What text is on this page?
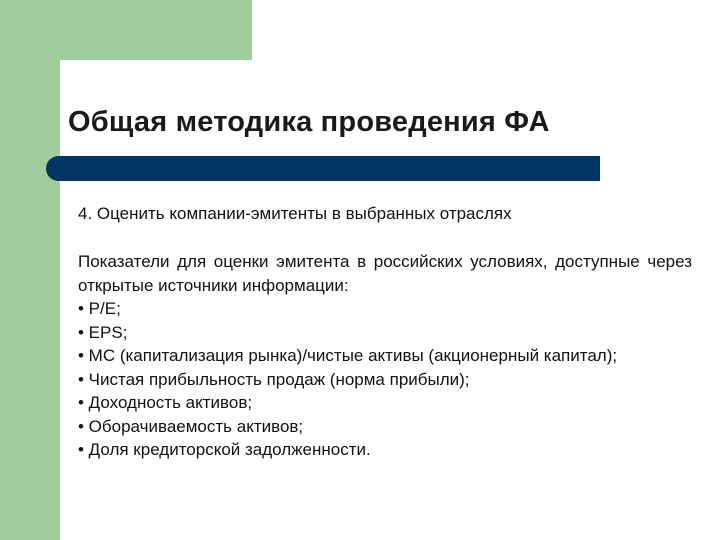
Общая методика проведения ФА
4. Оценить компании-эмитенты в выбранных отраслях

Показатели для оценки эмитента в российских условиях, доступные через открытые источники информации:

• P/E;
• EPS;
• МС (капитализация рынка)/чистые активы (акционерный капитал);
• Чистая прибыльность продаж (норма прибыли);
• Доходность активов;
• Оборачиваемость активов;
• Доля кредиторской задолженности.
